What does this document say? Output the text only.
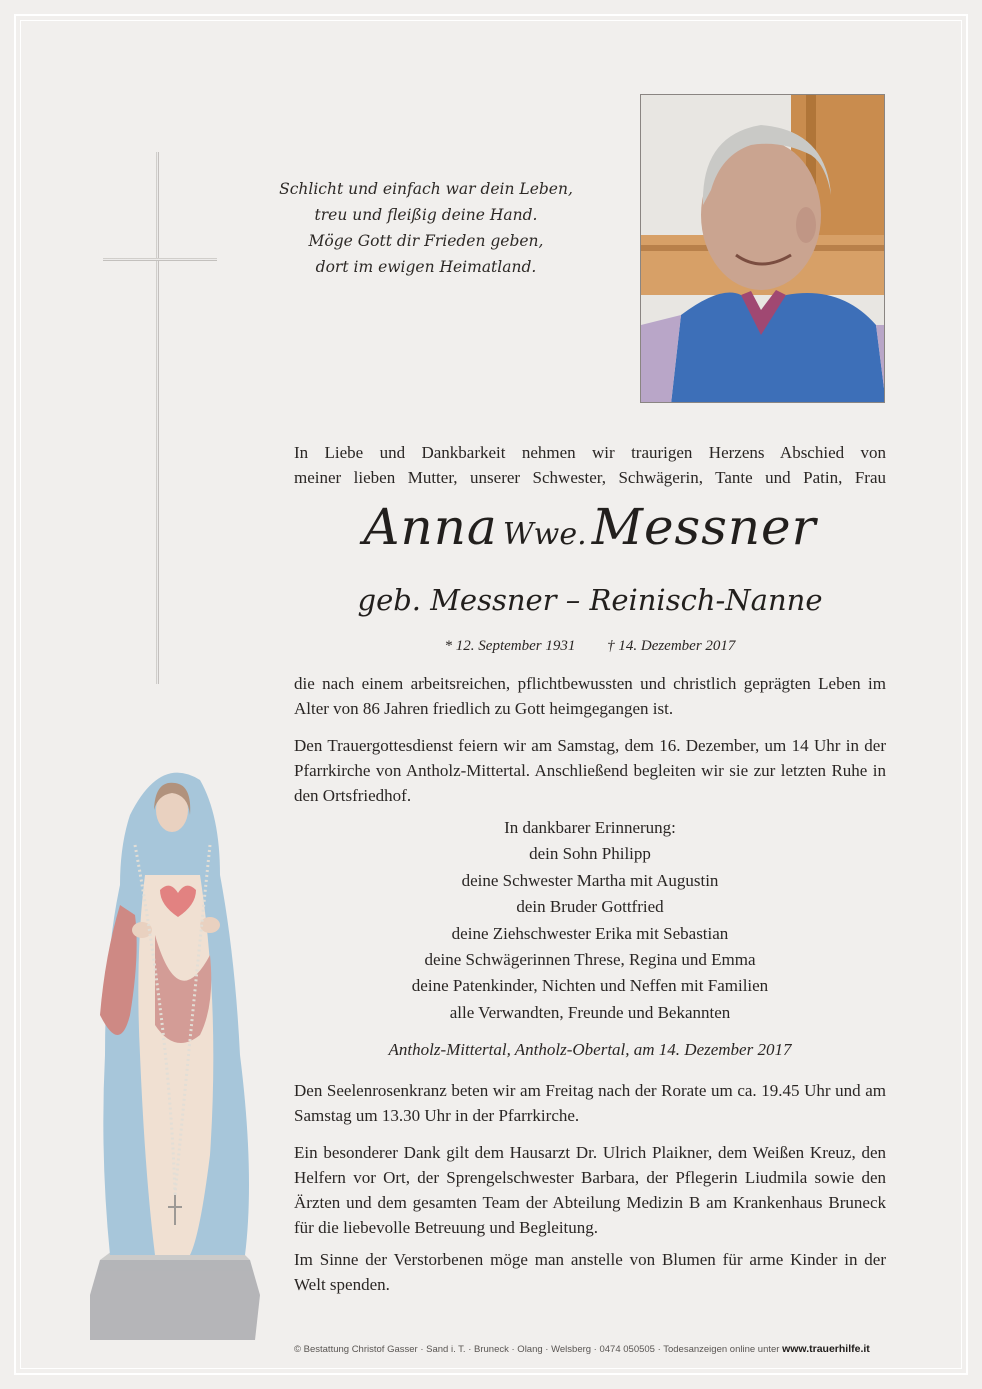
Schlicht und einfach war dein Leben,
treu und fleißig deine Hand.
Möge Gott dir Frieden geben,
dort im ewigen Heimatland.
In Liebe und Dankbarkeit nehmen wir traurigen Herzens Abschied von
meiner lieben Mutter, unserer Schwester, Schwägerin, Tante und Patin, Frau
Anna Wwe. Messner
geb. Messner – Reinisch-Nanne
* 12. September 1931 † 14. Dezember 2017
die nach einem arbeitsreichen, pflichtbewussten und christlich geprägten Leben im Alter von 86 Jahren friedlich zu Gott heimgegangen ist.
Den Trauergottesdienst feiern wir am Samstag, dem 16. Dezember, um 14 Uhr in der Pfarrkirche von Antholz-Mittertal. Anschließend begleiten wir sie zur letzten Ruhe in den Ortsfriedhof.
In dankbarer Erinnerung:
dein Sohn Philipp
deine Schwester Martha mit Augustin
dein Bruder Gottfried
deine Ziehschwester Erika mit Sebastian
deine Schwägerinnen Threse, Regina und Emma
deine Patenkinder, Nichten und Neffen mit Familien
alle Verwandten, Freunde und Bekannten
Antholz-Mittertal, Antholz-Obertal, am 14. Dezember 2017
Den Seelenrosenkranz beten wir am Freitag nach der Rorate um ca. 19.45 Uhr und am Samstag um 13.30 Uhr in der Pfarrkirche.
Ein besonderer Dank gilt dem Hausarzt Dr. Ulrich Plaikner, dem Weißen Kreuz, den Helfern vor Ort, der Sprengelschwester Barbara, der Pflegerin Liudmila sowie den Ärzten und dem gesamten Team der Abteilung Medizin B am Krankenhaus Bruneck für die liebevolle Betreuung und Begleitung.
Im Sinne der Verstorbenen möge man anstelle von Blumen für arme Kinder in der Welt spenden.
© Bestattung Christof Gasser · Sand i. T. · Bruneck · Olang · Welsberg · 0474 050505 · Todesanzeigen online unter www.trauerhilfe.it
